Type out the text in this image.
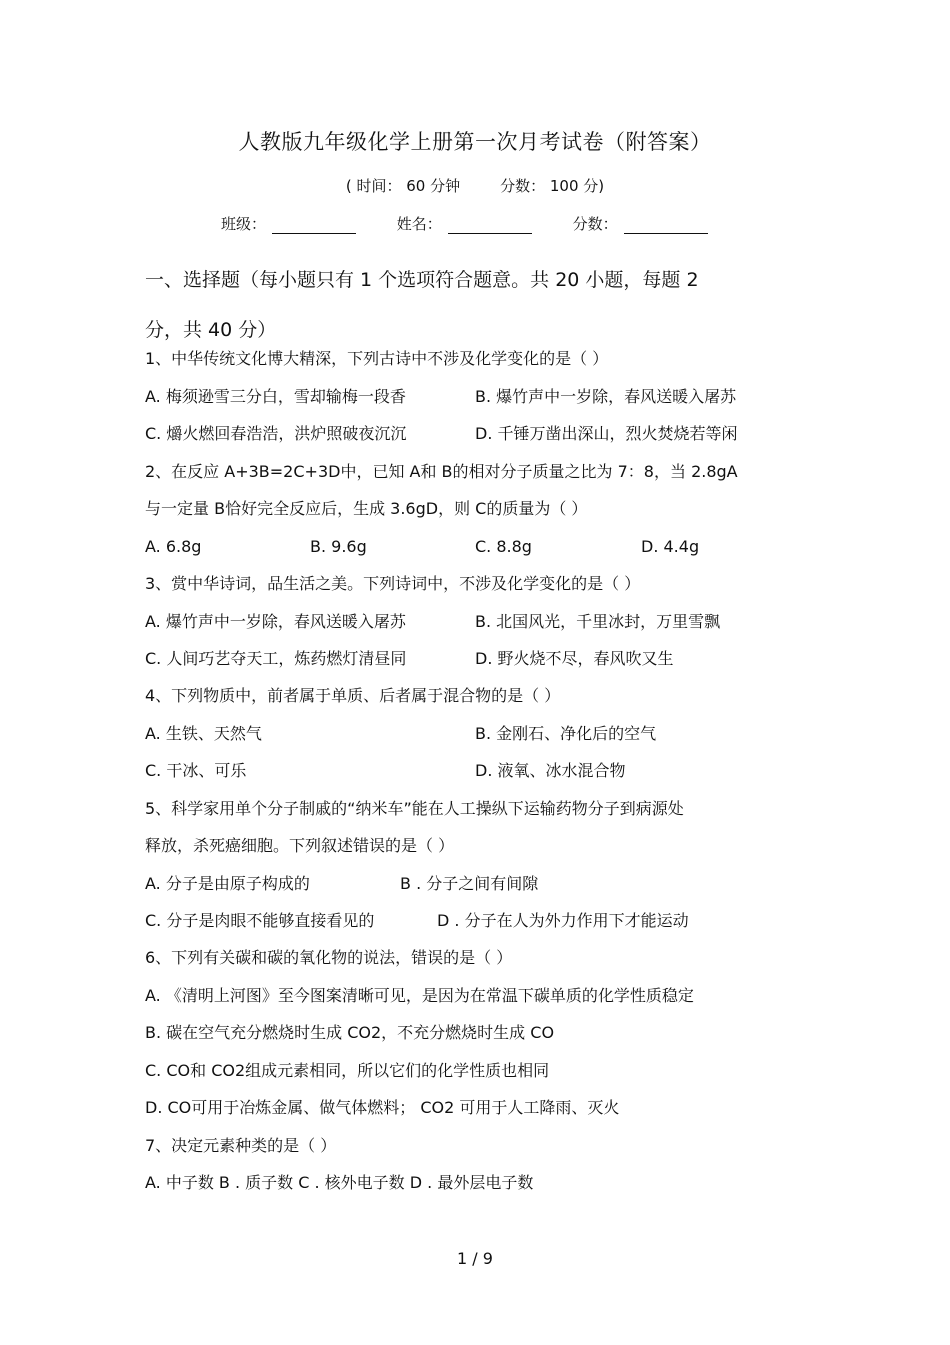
人教版九年级化学上册第一次月考试卷（附答案）
( 时间： 60 分钟	分数： 100 分)
班级：	姓名：	分数：
一、选择题（每小题只有 1 个选项符合题意。共 20 小题，每题 2
分，共 40 分）
1、中华传统文化博大精深，下列古诗中不涉及化学变化的是（ ）
A. 梅须逊雪三分白，雪却输梅一段香	B. 爆竹声中一岁除，春风送暖入屠苏
C. 爝火燃回春浩浩，洪炉照破夜沉沉	D. 千锤万凿出深山，烈火焚烧若等闲
2、在反应 A+3B=2C+3D中，已知 A和 B的相对分子质量之比为 7：8，当 2.8gA
与一定量 B恰好完全反应后，生成 3.6gD，则 C的质量为（ ）
A. 6.8g	B. 9.6g	C. 8.8g	D. 4.4g
3、赏中华诗词，品生活之美。下列诗词中，不涉及化学变化的是（ ）
A. 爆竹声中一岁除，春风送暖入屠苏	B. 北国风光，千里冰封，万里雪飘
C. 人间巧艺夺天工，炼药燃灯清昼同	D. 野火烧不尽，春风吹又生
4、下列物质中，前者属于单质、后者属于混合物的是（ ）
A. 生铁、天然气	B. 金刚石、净化后的空气
C. 干冰、可乐	D. 液氧、冰水混合物
5、科学家用单个分子制戚的“纳米车”能在人工操纵下运输药物分子到病源处
释放，杀死癌细胞。下列叙述错误的是（ ）
A. 分子是由原子构成的	B . 分子之间有间隙
C. 分子是肉眼不能够直接看见的	D . 分子在人为外力作用下才能运动
6、下列有关碳和碳的氧化物的说法，错误的是（ ）
A. 《清明上河图》至今图案清晰可见，是因为在常温下碳单质的化学性质稳定
B. 碳在空气充分燃烧时生成 CO2，不充分燃烧时生成 CO
C. CO和 CO2组成元素相同，所以它们的化学性质也相同
D. CO可用于冶炼金属、做气体燃料； CO2 可用于人工降雨、灭火
7、决定元素种类的是（ ）
A. 中子数 B . 质子数 C . 核外电子数 D . 最外层电子数
1 / 9
